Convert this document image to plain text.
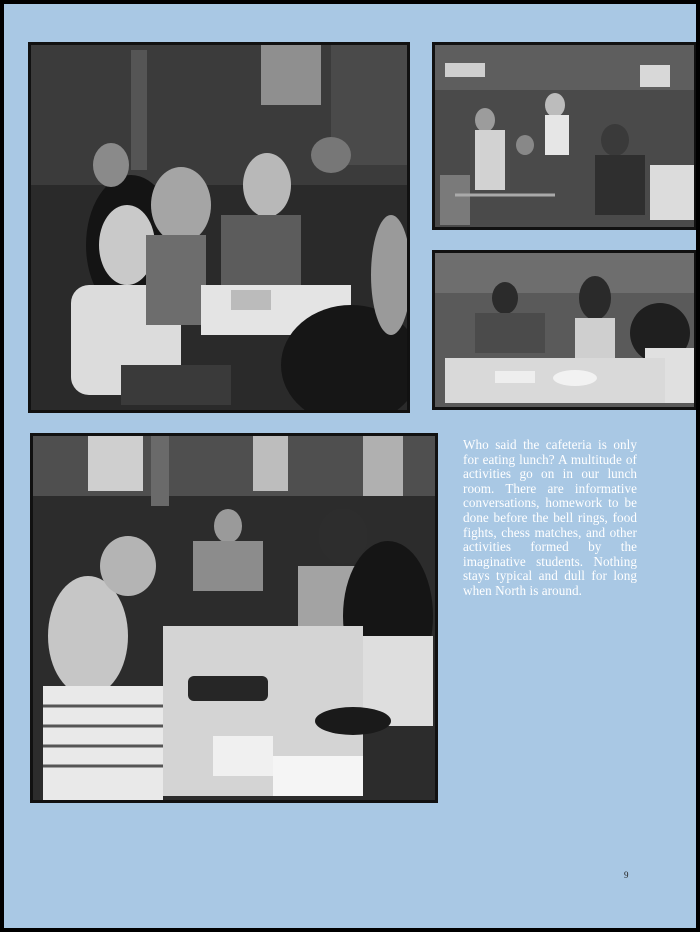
Who said the cafeteria is only for eating lunch? A multitude of activities go on in our lunch room. There are informative conversations, homework to be done before the bell rings, food fights, chess matches, and other activities formed by the imaginative students. Nothing stays typical and dull for long when North is around.
9
